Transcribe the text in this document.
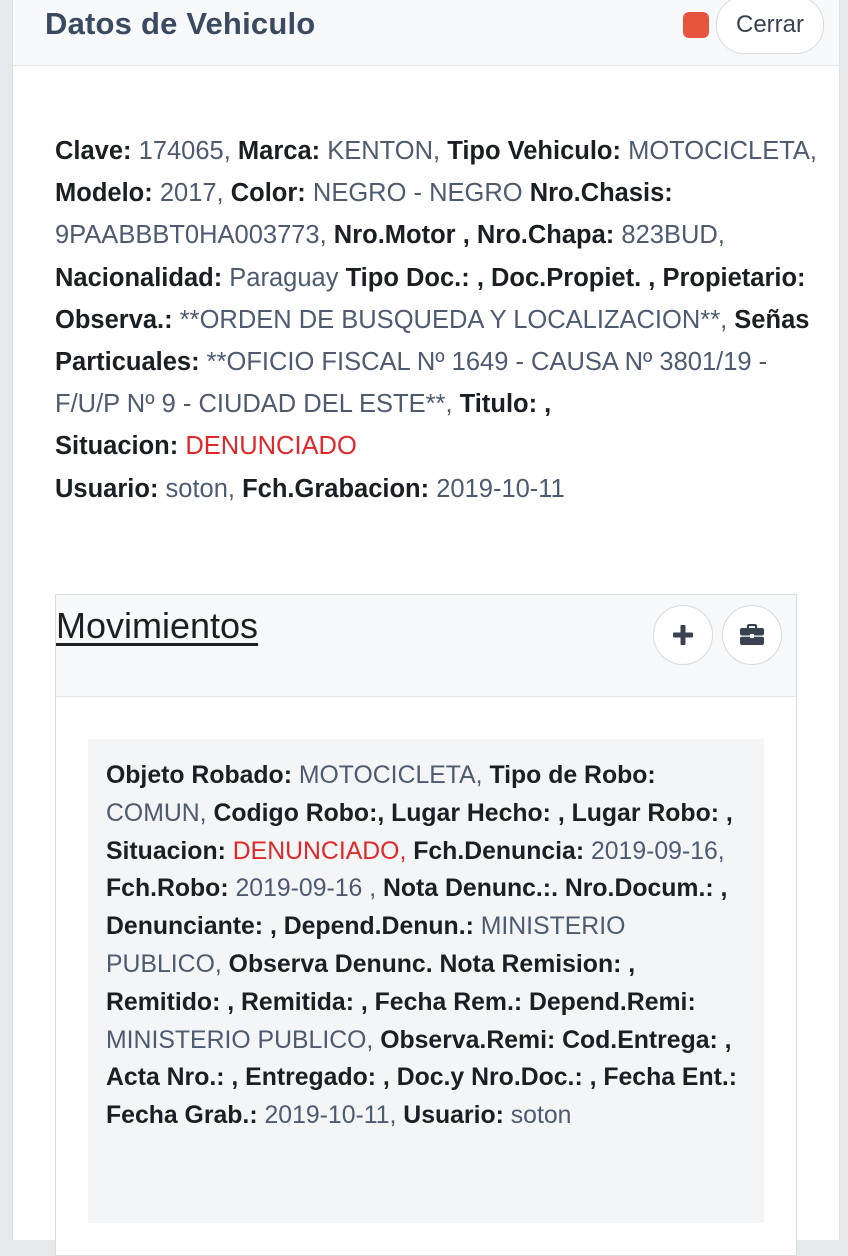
Datos de Vehiculo	Cerrar
Clave: 174065, Marca: KENTON, Tipo Vehiculo: MOTOCICLETA, Modelo: 2017, Color: NEGRO - NEGRO Nro.Chasis: 9PAABBBT0HA003773, Nro.Motor , Nro.Chapa: 823BUD, Nacionalidad: Paraguay Tipo Doc.: , Doc.Propiet. , Propietario: Observa.: **ORDEN DE BUSQUEDA Y LOCALIZACION**, Señas Particuales: **OFICIO FISCAL Nº 1649 - CAUSA Nº 3801/19 - F/U/P Nº 9 - CIUDAD DEL ESTE**, Titulo: ,
Situacion: DENUNCIADO
Usuario: soton, Fch.Grabacion: 2019-10-11
Movimientos
Objeto Robado: MOTOCICLETA, Tipo de Robo: COMUN, Codigo Robo:, Lugar Hecho: , Lugar Robo: , Situacion: DENUNCIADO, Fch.Denuncia: 2019-09-16, Fch.Robo: 2019-09-16 , Nota Denunc.:. Nro.Docum.: , Denunciante: , Depend.Denun.: MINISTERIO PUBLICO, Observa Denunc. Nota Remision: , Remitido: , Remitida: , Fecha Rem.: Depend.Remi: MINISTERIO PUBLICO, Observa.Remi: Cod.Entrega: , Acta Nro.: , Entregado: , Doc.y Nro.Doc.: , Fecha Ent.: Fecha Grab.: 2019-10-11, Usuario: soton
